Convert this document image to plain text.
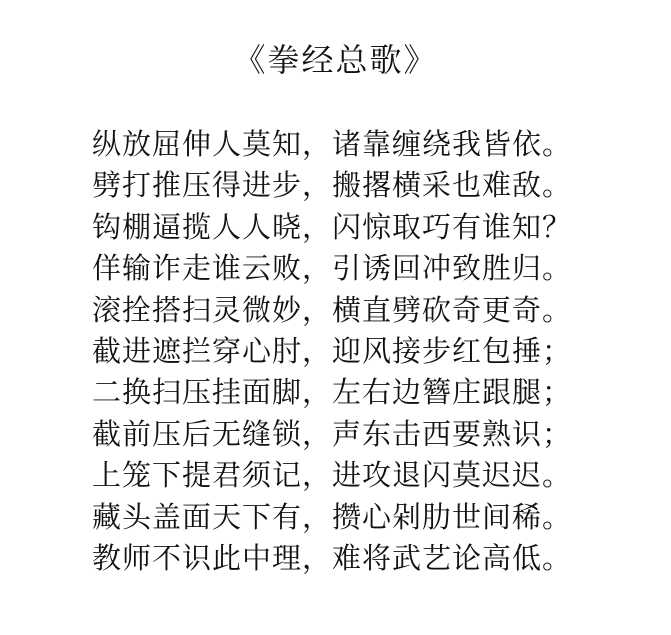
《拳经总歌》
纵放屈伸人莫知，诸靠缠绕我皆依。
劈打推压得进步，搬撂横采也难敌。
钩棚逼揽人人晓，闪惊取巧有谁知？
佯输诈走谁云败，引诱回冲致胜归。
滚拴搭扫灵微妙，横直劈砍奇更奇。
截进遮拦穿心肘，迎风接步红包捶；
二换扫压挂面脚，左右边簪庄跟腿；
截前压后无缝锁，声东击西要熟识；
上笼下提君须记，进攻退闪莫迟迟。
藏头盖面天下有，攒心剁肋世间稀。
教师不识此中理，难将武艺论高低。
